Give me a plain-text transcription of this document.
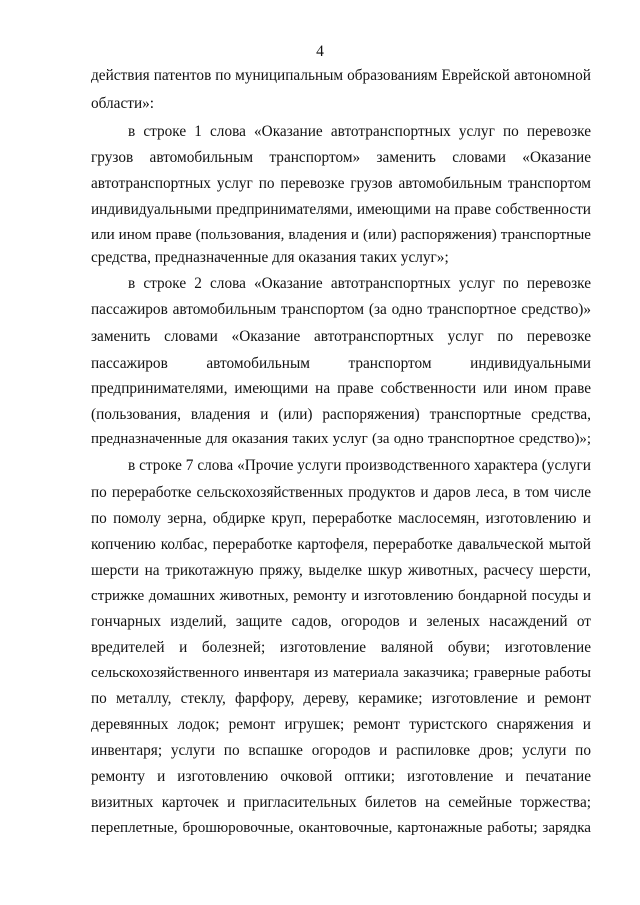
4
действия патентов по муниципальным образованиям Еврейской автономной
области»:
в строке 1 слова «Оказание автотранспортных услуг по перевозке
грузов автомобильным транспортом» заменить словами «Оказание
автотранспортных услуг по перевозке грузов автомобильным транспортом
индивидуальными предпринимателями, имеющими на праве собственности
или ином праве (пользования, владения и (или) распоряжения) транспортные
средства, предназначенные для оказания таких услуг»;
в строке 2 слова «Оказание автотранспортных услуг по перевозке
пассажиров автомобильным транспортом (за одно транспортное средство)»
заменить словами «Оказание автотранспортных услуг по перевозке
пассажиров автомобильным транспортом индивидуальными
предпринимателями, имеющими на праве собственности или ином праве
(пользования, владения и (или) распоряжения) транспортные средства,
предназначенные для оказания таких услуг (за одно транспортное средство)»;
в строке 7 слова «Прочие услуги производственного характера (услуги
по переработке сельскохозяйственных продуктов и даров леса, в том числе
по помолу зерна, обдирке круп, переработке маслосемян, изготовлению и
копчению колбас, переработке картофеля, переработке давальческой мытой
шерсти на трикотажную пряжу, выделке шкур животных, расчесу шерсти,
стрижке домашних животных, ремонту и изготовлению бондарной посуды и
гончарных изделий, защите садов, огородов и зеленых насаждений от
вредителей и болезней; изготовление валяной обуви; изготовление
сельскохозяйственного инвентаря из материала заказчика; граверные работы
по металлу, стеклу, фарфору, дереву, керамике; изготовление и ремонт
деревянных лодок; ремонт игрушек; ремонт туристского снаряжения и
инвентаря; услуги по вспашке огородов и распиловке дров; услуги по
ремонту и изготовлению очковой оптики; изготовление и печатание
визитных карточек и пригласительных билетов на семейные торжества;
переплетные, брошюровочные, окантовочные, картонажные работы; зарядка
